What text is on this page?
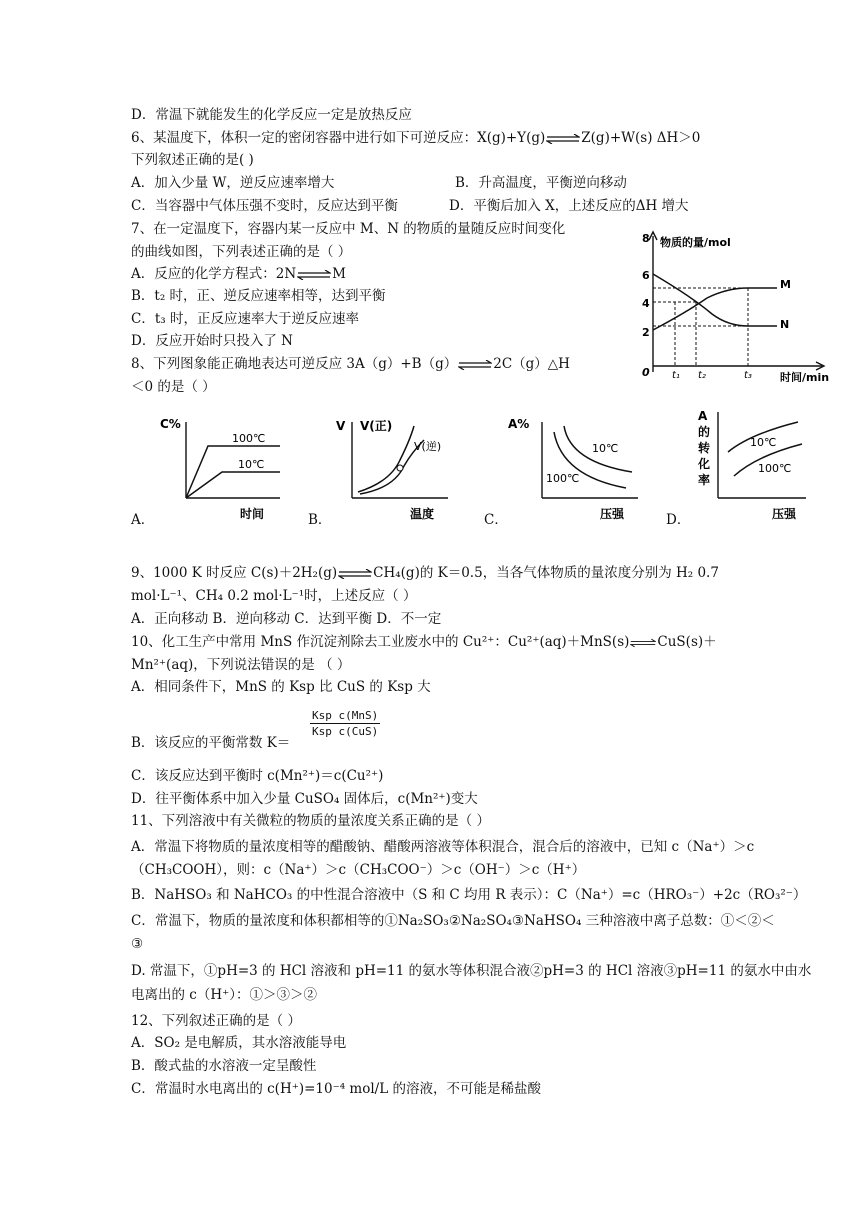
D．常温下就能发生的化学反应一定是放热反应
6、某温度下，体积一定的密闭容器中进行如下可逆反应：X(g)+Y(g)⇌Z(g)+W(s) ΔH＞0
下列叙述正确的是( )
A．加入少量 W，逆反应速率增大	B．升高温度，平衡逆向移动
C．当容器中气体压强不变时，反应达到平衡	D．平衡后加入 X，上述反应的ΔH 增大
7、在一定温度下，容器内某一反应中 M、N 的物质的量随反应时间变化
的曲线如图，下列表述正确的是（ ）
A．反应的化学方程式：2N⇌M
B．t₂ 时，正、逆反应速率相等，达到平衡
C．t₃ 时，正反应速率大于逆反应速率
D．反应开始时只投入了 N
8、下列图象能正确地表达可逆反应 3A（g）+B（g）⇌2C（g）△H
＜0 的是（ ）
物质的量/mol
时间/min
0
8
6
4
2
t₁ t₂	t₃
M
N
A．
C%
时间
100℃
10℃
B．
V V(正)
温度
V(逆)
C．
A%
压强
10℃
100℃
D．
A 的转化率
压强
10℃
100℃
9、1000 K 时反应 C(s)＋2H₂(g)⇌CH₄(g)的 K＝0.5，当各气体物质的量浓度分别为 H₂ 0.7
mol·L⁻¹、CH₄ 0.2 mol·L⁻¹时，上述反应（ ）
A．正向移动 B．逆向移动 C．达到平衡 D．不一定
10、化工生产中常用 MnS 作沉淀剂除去工业废水中的 Cu²⁺：Cu²⁺(aq)＋MnS(s)⇌CuS(s)＋
Mn²⁺(aq)，下列说法错误的是 （ ）
A．相同条件下，MnS 的 Ksp 比 CuS 的 Ksp 大
B．该反应的平衡常数 K＝
Ksp c(MnS)
Ksp c(CuS)
C．该反应达到平衡时 c(Mn²⁺)＝c(Cu²⁺)
D．往平衡体系中加入少量 CuSO₄ 固体后，c(Mn²⁺)变大
11、下列溶液中有关微粒的物质的量浓度关系正确的是（ ）
A．常温下将物质的量浓度相等的醋酸钠、醋酸两溶液等体积混合，混合后的溶液中，已知 c（Na⁺）＞c
（CH₃COOH），则：c（Na⁺）＞c（CH₃COO⁻）＞c（OH⁻）＞c（H⁺）
B．NaHSO₃ 和 NaHCO₃ 的中性混合溶液中（S 和 C 均用 R 表示）：C（Na⁺）=c（HRO₃⁻）+2c（RO₃²⁻）
C．常温下，物质的量浓度和体积都相等的①Na₂SO₃②Na₂SO₄③NaHSO₄ 三种溶液中离子总数：①＜②＜
③
D. 常温下，①pH=3 的 HCl 溶液和 pH=11 的氨水等体积混合液②pH=3 的 HCl 溶液③pH=11 的氨水中由水
电离出的 c（H⁺）：①＞③＞②
12、下列叙述正确的是（ ）
A．SO₂ 是电解质，其水溶液能导电
B．酸式盐的水溶液一定呈酸性
C．常温时水电离出的 c(H⁺)=10⁻⁴ mol/L 的溶液，不可能是稀盐酸
